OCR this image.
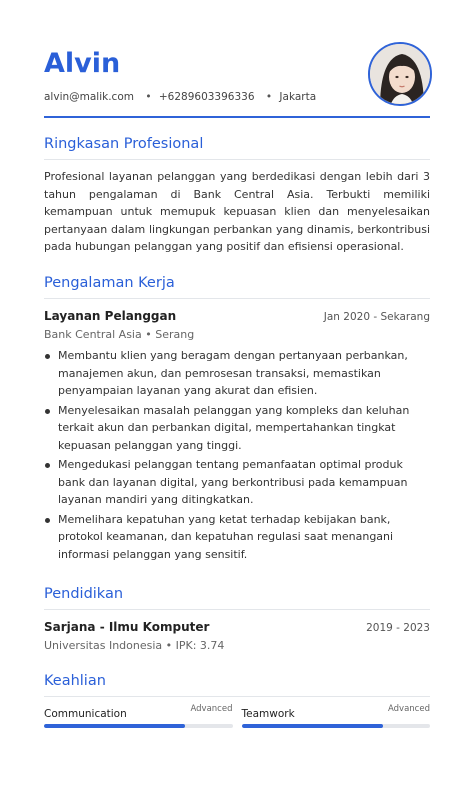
Alvin
alvin@malik.com • +6289603396336 • Jakarta
Ringkasan Profesional

Profesional layanan pelanggan yang berdedikasi dengan lebih dari 3 tahun pengalaman di Bank Central Asia. Terbukti memiliki kemampuan untuk memupuk kepuasan klien dan menyelesaikan pertanyaan dalam lingkungan perbankan yang dinamis, berkontribusi pada hubungan pelanggan yang positif dan efisiensi operasional.

Pengalaman Kerja
Layanan Pelanggan	Jan 2020 - Sekarang
Bank Central Asia • Serang
Membantu klien yang beragam dengan pertanyaan perbankan, manajemen akun, dan pemrosesan transaksi, memastikan penyampaian layanan yang akurat dan efisien.
Menyelesaikan masalah pelanggan yang kompleks dan keluhan terkait akun dan perbankan digital, mempertahankan tingkat kepuasan pelanggan yang tinggi.
Mengedukasi pelanggan tentang pemanfaatan optimal produk bank dan layanan digital, yang berkontribusi pada kemampuan layanan mandiri yang ditingkatkan.
Memelihara kepatuhan yang ketat terhadap kebijakan bank, protokol keamanan, dan kepatuhan regulasi saat menangani informasi pelanggan yang sensitif.
Pendidikan
Sarjana - Ilmu Komputer	2019 - 2023
Universitas Indonesia • IPK: 3.74
Keahlian
Communication	Advanced Teamwork	Advanced
